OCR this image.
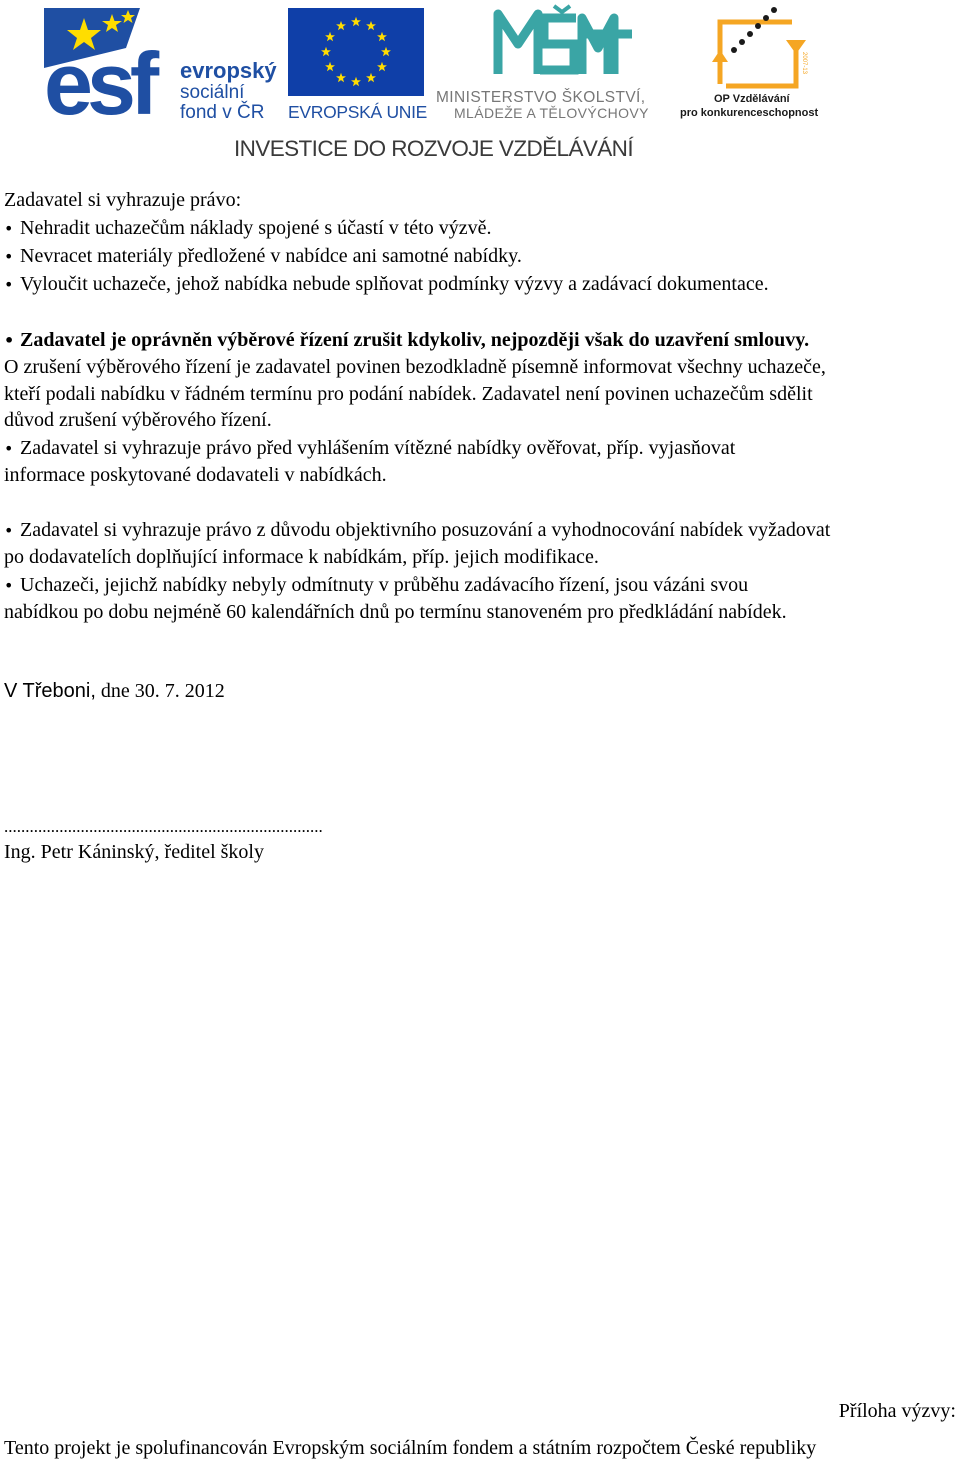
esf	evropský
sociální
fond v ČR EVROPSKÁ UNIE
MINISTERSTVO ŠKOLSTVÍ,
MLÁDEŽE A TĚLOVÝCHOVY
2007-13
OP Vzdělávání
pro konkurenceschopnost
INVESTICE DO ROZVOJE VZDĚLÁVÁNÍ
Zadavatel si vyhrazuje právo:
•Nehradit uchazečům náklady spojené s účastí v této výzvě.
•Nevracet materiály předložené v nabídce ani samotné nabídky.
•Vyloučit uchazeče, jehož nabídka nebude splňovat podmínky výzvy a zadávací dokumentace.
•Zadavatel je oprávněn výběrové řízení zrušit kdykoliv, nejpozději však do uzavření smlouvy.
O zrušení výběrového řízení je zadavatel povinen bezodkladně písemně informovat všechny uchazeče,
kteří podali nabídku v řádném termínu pro podání nabídek. Zadavatel není povinen uchazečům sdělit
důvod zrušení výběrového řízení.
•Zadavatel si vyhrazuje právo před vyhlášením vítězné nabídky ověřovat, příp. vyjasňovat
informace poskytované dodavateli v nabídkách.
•Zadavatel si vyhrazuje právo z důvodu objektivního posuzování a vyhodnocování nabídek vyžadovat
po dodavatelích doplňující informace k nabídkám, příp. jejich modifikace.
•Uchazeči, jejichž nabídky nebyly odmítnuty v průběhu zadávacího řízení, jsou vázáni svou
nabídkou po dobu nejméně 60 kalendářních dnů po termínu stanoveném pro předkládání nabídek.
V Třeboni, dne 30. 7. 2012
...........................................................................
Ing. Petr Káninský, ředitel školy
Příloha výzvy:
Tento projekt je spolufinancován Evropským sociálním fondem a státním rozpočtem České republiky
